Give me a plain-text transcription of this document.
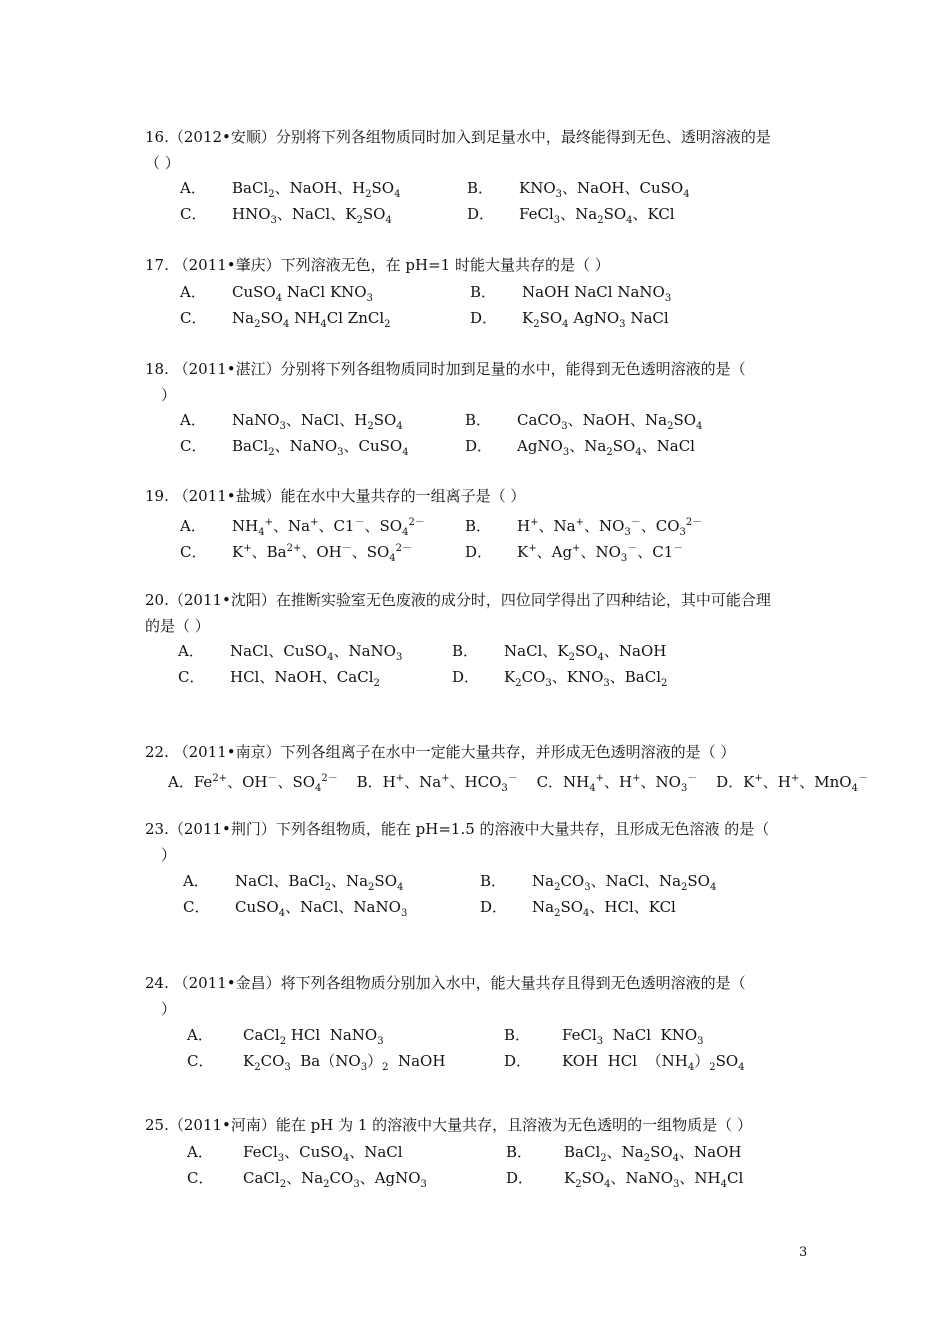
16.（2012•安顺）分别将下列各组物质同时加入到足量水中，最终能得到无色、透明溶液的是
（ ）
A． BaCl$_2$、NaOH、$H_2SO_4$	B． $KNO_3$、NaOH、CuSO$_4$
C． $HNO_3$、NaCl、$K_2SO_4$	D． FeCl$_3$、$Na_2SO_4$、KCl
17. （2011•肇庆）下列溶液无色，在 pH=1 时能大量共存的是（ ）
A． CuSO$_4$ NaCl $KNO_3$	B． NaOH NaCl NaNO$_3$
C． $Na_2SO_4$ $NH_4Cl$ ZnCl$_2$	D． $K_2SO_4$ AgNO$_3$ NaCl
18. （2011•湛江）分别将下列各组物质同时加到足量的水中，能得到无色透明溶液的是（
）
A． NaNO$_3$、NaCl、$H_2SO_4$	B． CaCO$_3$、NaOH、$Na_2SO_4$
C． BaCl$_2$、NaNO$_3$、CuSO$_4$	D． AgNO$_3$、$Na_2SO_4$、NaCl
19. （2011•盐城）能在水中大量共存的一组离子是（ ）
A． $NH_4^+$、Na+、C1－、$SO_4^{2-}$	B． H+、Na+、$NO_3^-$、$CO_3^{2-}$
C． K+、$Ba^{2+}$、OH－、$SO_4^{2-}$	D． K+、Ag+、$NO_3^-$、C1－
20.（2011•沈阳）在推断实验室无色废液的成分时，四位同学得出了四种结论，其中可能合理
的是（ ）
A． NaCl、CuSO$_4$、NaNO$_3$	B． NaCl、$K_2SO_4$、NaOH
C． HCl、NaOH、CaCl$_2$	D． $K_2CO_3$、$KNO_3$、BaCl$_2$
22. （2011•南京）下列各组离子在水中一定能大量共存，并形成无色透明溶液的是（ ）
A．$Fe^{2+}$、OH－、$SO_4^{2-}$ B．H+、Na+、$HCO_3^-$ C．$NH_4^+$、H+、$NO_3^-$ D．K+、H+、MnO$_4$－
23.（2011•荆门）下列各组物质，能在 pH=1.5 的溶液中大量共存，且形成无色溶液 的是（
）
A． NaCl、BaCl$_2$、$Na_2SO_4$	B． $Na_2CO_3$、NaCl、$Na_2SO_4$
C． CuSO$_4$、NaCl、NaNO$_3$	D． $Na_2SO_4$、HCl、KCl
24. （2011•金昌）将下列各组物质分别加入水中，能大量共存且得到无色透明溶液的是（
）
A． CaCl$_2$ HCl  NaNO$_3$	B． FeCl$_3$  NaCl  $KNO_3$
C． $K_2CO_3$  $Ba(NO_3)_2$  NaOH	D． KOH  HCl  $(NH_4)_2SO_4$
25.（2011•河南）能在 pH 为 1 的溶液中大量共存，且溶液为无色透明的一组物质是（ ）
A． FeCl$_3$、CuSO$_4$、NaCl	B． BaCl$_2$、$Na_2SO_4$、NaOH
C． CaCl$_2$、$Na_2CO_3$、AgNO$_3$	D． $K_2SO_4$、NaNO$_3$、$NH_4Cl$
3
